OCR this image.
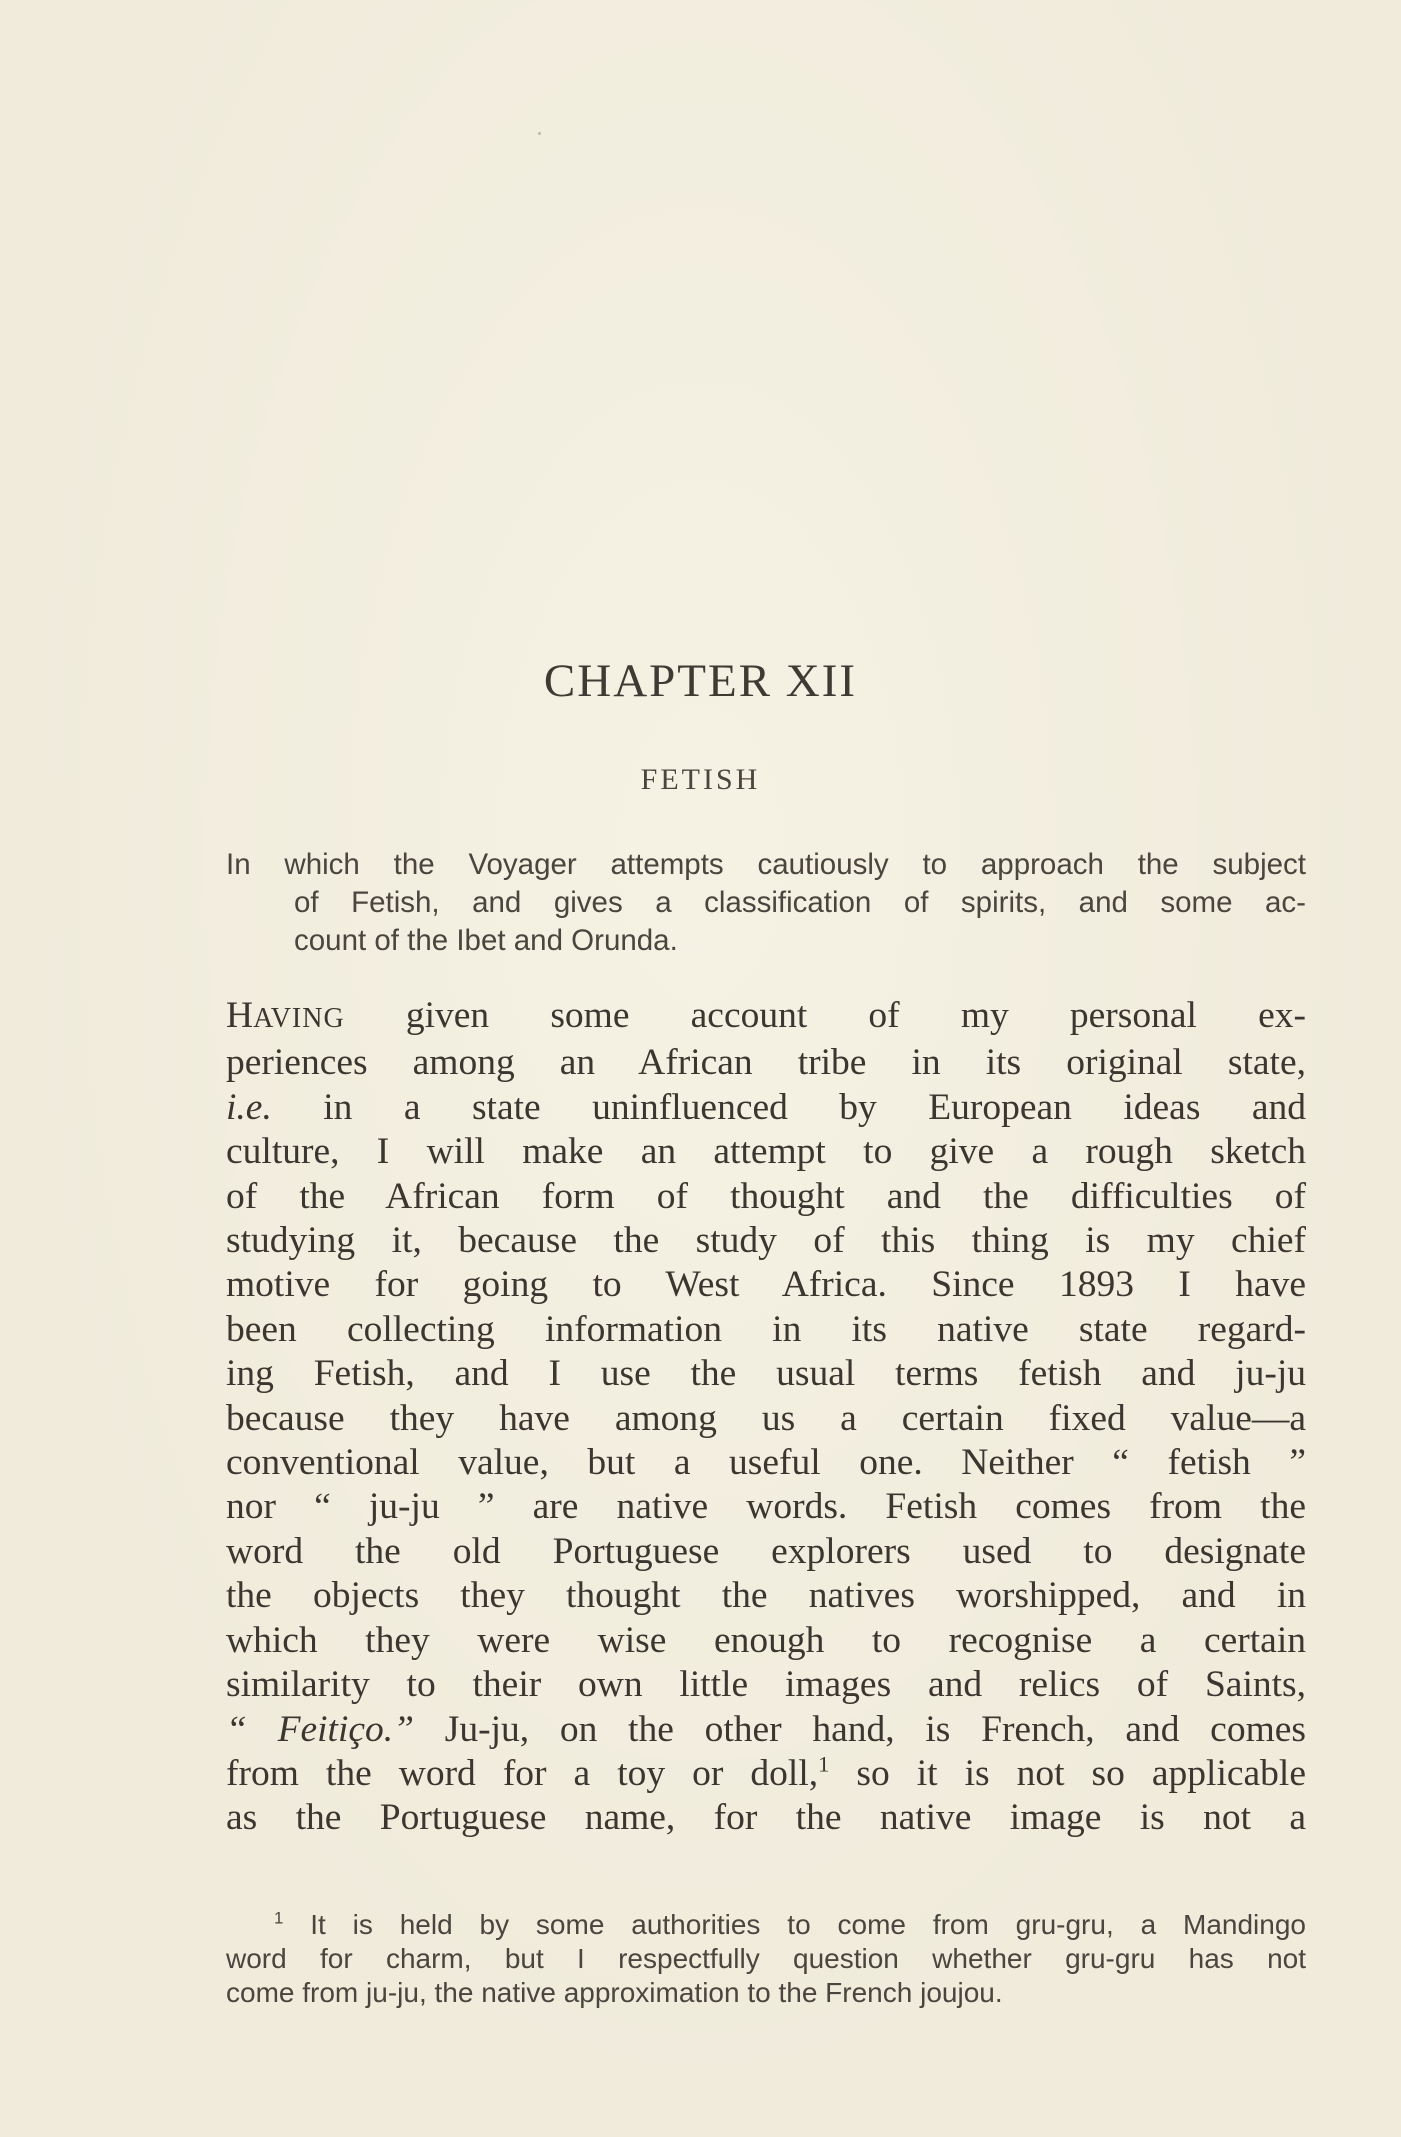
CHAPTER XII
FETISH
In which the Voyager attempts cautiously to approach the subject
of Fetish, and gives a classification of spirits, and some ac-
count of the Ibet and Orunda.
HAVING given some account of my personal ex-
periences among an African tribe in its original state,
i.e. in a state uninfluenced by European ideas and
culture, I will make an attempt to give a rough sketch
of the African form of thought and the difficulties of
studying it, because the study of this thing is my chief
motive for going to West Africa. Since 1893 I have
been collecting information in its native state regard-
ing Fetish, and I use the usual terms fetish and ju-ju
because they have among us a certain fixed value—a
conventional value, but a useful one. Neither “ fetish ”
nor “ ju-ju ” are native words. Fetish comes from the
word the old Portuguese explorers used to designate
the objects they thought the natives worshipped, and in
which they were wise enough to recognise a certain
similarity to their own little images and relics of Saints,
“ Feitiço.” Ju-ju, on the other hand, is French, and comes
from the word for a toy or doll,$^1$ so it is not so applicable
as the Portuguese name, for the native image is not a
$^1$ It is held by some authorities to come from gru-gru, a Mandingo
word for charm, but I respectfully question whether gru-gru has not
come from ju-ju, the native approximation to the French joujou.
